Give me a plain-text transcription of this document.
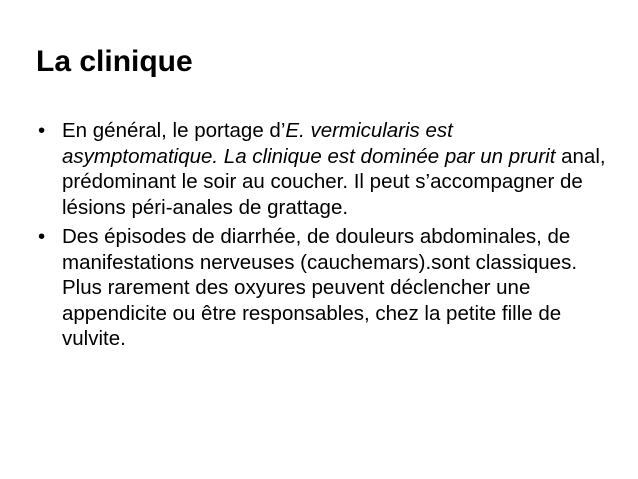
La clinique
• En général, le portage d’E. vermicularis est asymptomatique. La clinique est dominée par un prurit anal, prédominant le soir au coucher. Il peut s’accompagner de lésions péri-anales de grattage.
• Des épisodes de diarrhée, de douleurs abdominales, de manifestations nerveuses (cauchemars).sont classiques. Plus rarement des oxyures peuvent déclencher une appendicite ou être responsables, chez la petite fille de vulvite.
